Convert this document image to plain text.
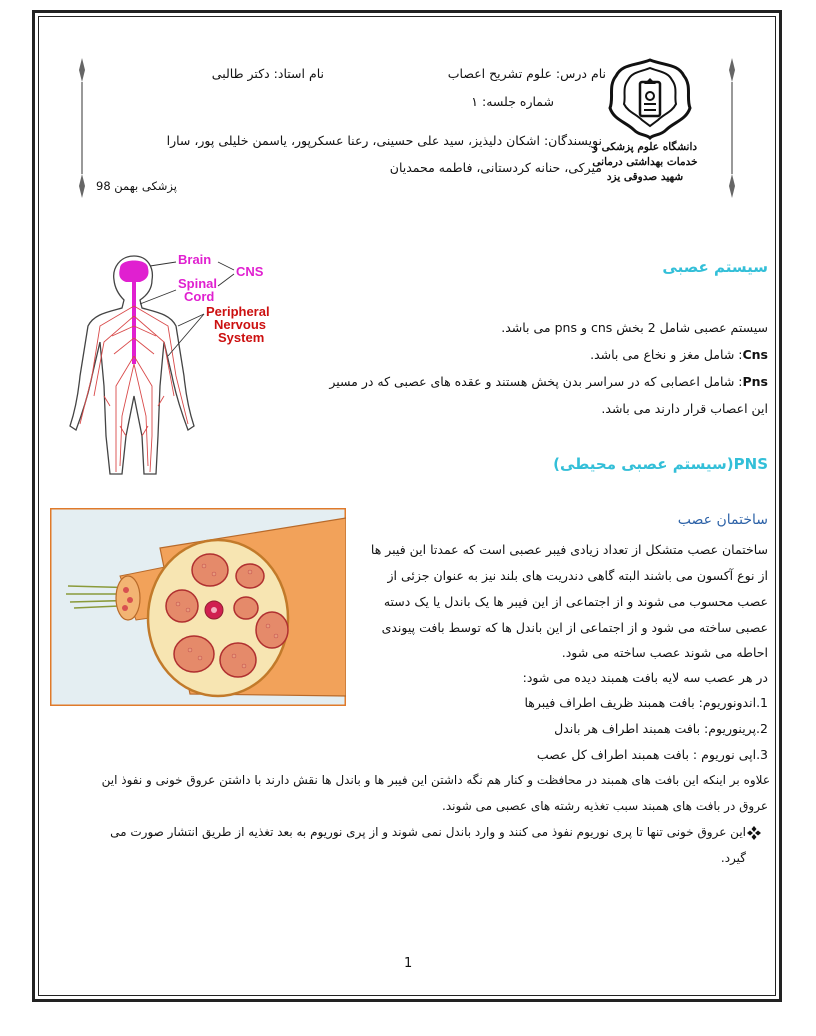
دانشگاه علوم پزشکی و خدمات بهداشتی درمانی
شهید صدوقی یزد
نام درس: علوم تشریح اعصاب
نام استاد: دکتر طالبی
شماره جلسه: ۱
نویسندگان: اشکان دلیذیز، سید علی حسینی، رعنا عسکرپور، یاسمن خلیلی پور، سارا
میرکی، حنانه کردستانی، فاطمه محمدیان
پزشکی بهمن 98
Brain
CNS
Spinal
Cord
Peripheral
Nervous
System
سیستم عصبی
سیستم عصبی شامل 2 بخش cns و pns می باشد.
Cns: شامل مغز و نخاع می باشد.
Pns: شامل اعصابی که در سراسر بدن پخش هستند و عقده های عصبی که در مسیر
این اعصاب قرار دارند می باشد.
PNS(سیستم عصبی محیطی)
ساختمان عصب
ساختمان عصب متشکل از تعداد زیادی فیبر عصبی است که عمدتا این فیبر ها
از نوع آکسون می باشند البته گاهی دندریت های بلند نیز به عنوان جزئی از
عصب محسوب می شوند و از اجتماعی از این فیبر ها یک باندل یا یک دسته
عصبی ساخته می شود و از اجتماعی از این باندل ها که توسط بافت پیوندی
احاطه می شوند عصب ساخته می شود.
در هر عصب سه لایه بافت همبند دیده می شود:
1.اندونوریوم: بافت همبند ظریف اطراف فیبرها
2.پرینوریوم: بافت همبند اطراف هر باندل
3.اپی نوریوم : بافت همبند اطراف کل عصب
علاوه بر اینکه این بافت های همبند در محافظت و کنار هم نگه داشتن این فیبر ها و باندل ها نقش دارند با داشتن عروق خونی و نفوذ این
عروق در بافت های همبند سبب تغذیه رشته های عصبی می شوند.
این عروق خونی تنها تا پری نوریوم نفوذ می کنند و وارد باندل نمی شوند و از پری نوریوم به بعد تغذیه از طریق انتشار صورت می
گیرد.
1
